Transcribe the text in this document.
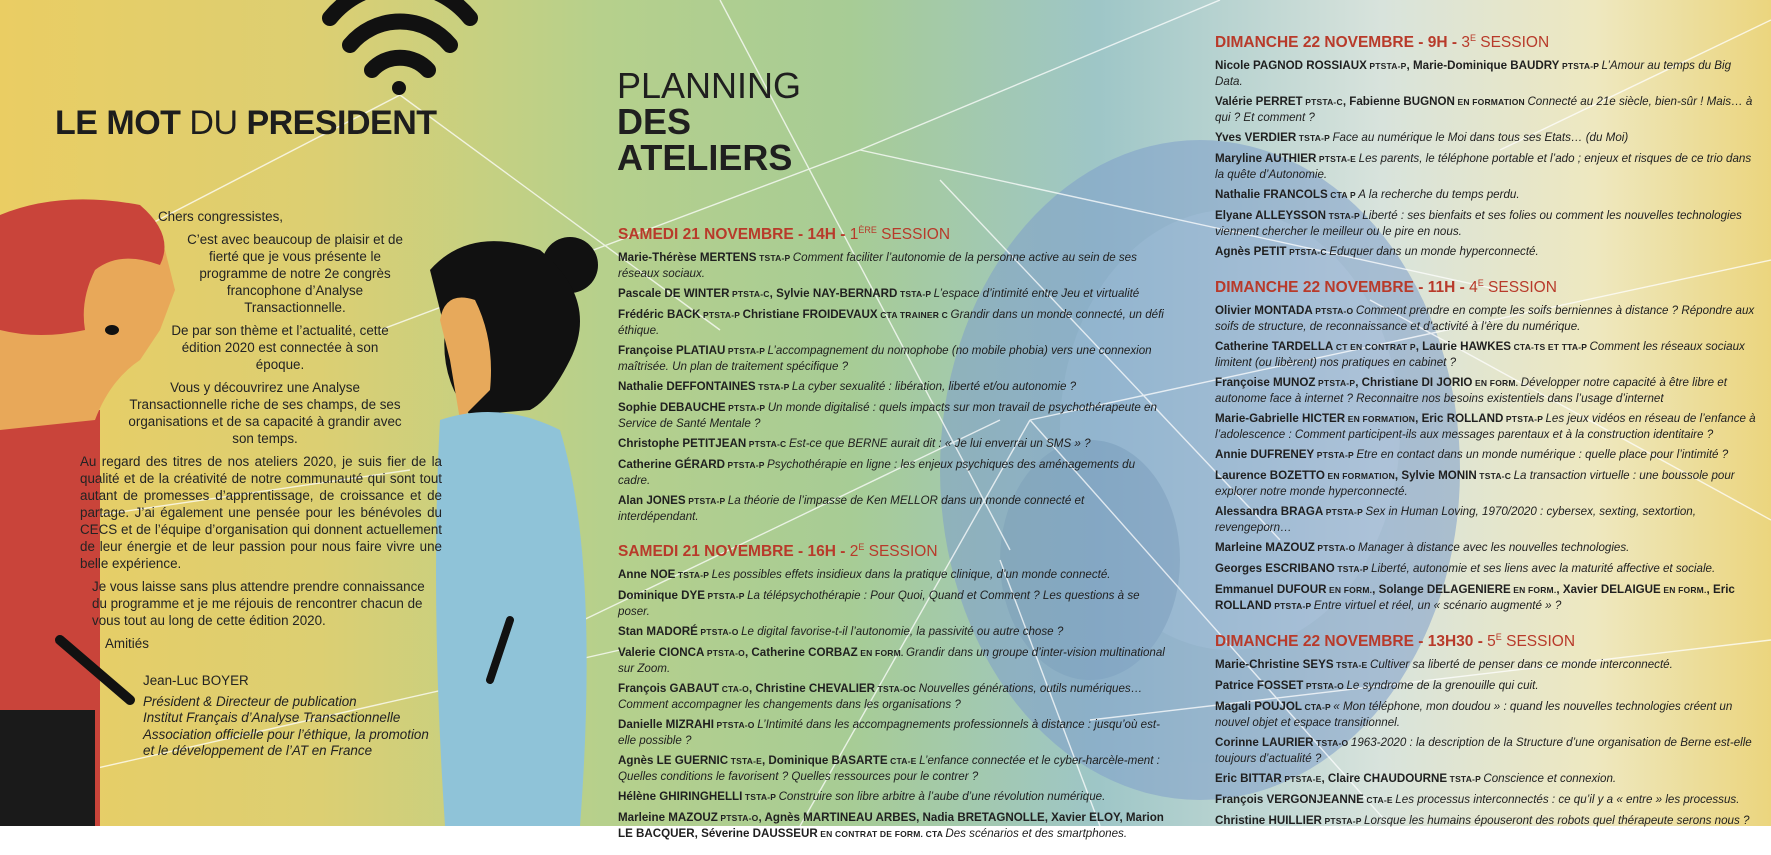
LE MOT DU PRESIDENT

Chers congressistes,

C’est avec beaucoup de plaisir et de fierté que je vous présente le programme de notre 2e congrès francophone d’Analyse Transactionnelle.

De par son thème et l’actualité, cette édition 2020 est connectée à son époque.

Vous y découvrirez une Analyse Transactionnelle riche de ses champs, de ses organisations et de sa capacité à grandir avec son temps.

Au regard des titres de nos ateliers 2020, je suis fier de la qualité et de la créativité de notre communauté qui sont tout autant de promesses d’apprentissage, de croissance et de partage. J’ai également une pensée pour les bénévoles du CECS et de l’équipe d’organisation qui donnent actuellement de leur énergie et de leur passion pour nous faire vivre une belle expérience.

Je vous laisse sans plus attendre prendre connaissance du programme et je me réjouis de rencontrer chacun de vous tout au long de cette édition 2020.

Amitiés

Jean-Luc BOYER

Président & Directeur de publication

Institut Français d’Analyse Transactionnelle

Association officielle pour l’éthique, la promotion

et le développement de l’AT en France

PLANNING
DES
ATELIERS
SAMEDI 21 NOVEMBRE - 14H - 1ÈRE SESSION
Marie-Thérèse MERTENS TSTA-P Comment faciliter l’autonomie de la personne active au sein de ses réseaux sociaux.
Pascale DE WINTER PTSTA-C, Sylvie NAY-BERNARD TSTA-P L’espace d’intimité entre Jeu et virtualité
Frédéric BACK PTSTA-P Christiane FROIDEVAUX CTA TRAINER C Grandir dans un monde connecté, un défi éthique.
Françoise PLATIAU PTSTA-P L’accompagnement du nomophobe (no mobile phobia) vers une connexion maîtrisée. Un plan de traitement spécifique ?
Nathalie DEFFONTAINES TSTA-P La cyber sexualité : libération, liberté et/ou autonomie ?
Sophie DEBAUCHE PTSTA-P Un monde digitalisé : quels impacts sur mon travail de psychothérapeute en Service de Santé Mentale ?
Christophe PETITJEAN PTSTA-C Est-ce que BERNE aurait dit : « Je lui enverrai un SMS » ?
Catherine GÉRARD PTSTA-P Psychothérapie en ligne : les enjeux psychiques des aménagements du cadre.
Alan JONES PTSTA-P La théorie de l’impasse de Ken MELLOR dans un monde connecté et interdépendant.
SAMEDI 21 NOVEMBRE - $16H - 2^E$ SESSION
Anne NOE TSTA-P Les possibles effets insidieux dans la pratique clinique, d’un monde connecté.
Dominique DYE PTSTA-P La télépsychothérapie : Pour Quoi, Quand et Comment ? Les questions à se poser.
Stan MADORÉ PTSTA-O Le digital favorise-t-il l’autonomie, la passivité ou autre chose ?
Valerie CIONCA PTSTA-O, Catherine CORBAZ EN FORM. Grandir dans un groupe d’inter-vision multinational sur Zoom.
François GABAUT CTA-O, Christine CHEVALIER TSTA-OC Nouvelles générations, outils numériques… Comment accompagner les changements dans les organisations ?
Danielle MIZRAHI PTSTA-O L’Intimité dans les accompagnements professionnels à distance : jusqu’où est-elle possible ?
Agnès LE GUERNIC TSTA-E, Dominique BASARTE CTA-E L’enfance connectée et le cyber-harcèle-ment : Quelles conditions le favorisent ? Quelles ressources pour le contrer ?
Hélène GHIRINGHELLI TSTA-P Construire son libre arbitre à l’aube d’une révolution numérique.
Marleine MAZOUZ PTSTA-O, Agnès MARTINEAU ARBES, Nadia BRETAGNOLLE, Xavier ELOY, Marion LE BACQUER, Séverine DAUSSEUR EN CONTRAT DE FORM. CTA Des scénarios et des smartphones.
DIMANCHE 22 NOVEMBRE - $9H - 3^E$ SESSION
Nicole PAGNOD ROSSIAUX PTSTA-P, Marie-Dominique BAUDRY PTSTA-P L’Amour au temps du Big Data.
Valérie PERRET PTSTA-C, Fabienne BUGNON EN FORMATION Connecté au 21e siècle, bien-sûr ! Mais… à qui ? Et comment ?
Yves VERDIER TSTA-P Face au numérique le Moi dans tous ses Etats… (du Moi)
Maryline AUTHIER PTSTA-E Les parents, le téléphone portable et l’ado ; enjeux et risques de ce trio dans la quête d’Autonomie.
Nathalie FRANCOLS CTA P A la recherche du temps perdu.
Elyane ALLEYSSON TSTA-P Liberté : ses bienfaits et ses folies ou comment les nouvelles technologies viennent chercher le meilleur ou le pire en nous.
Agnès PETIT PTSTA-C Eduquer dans un monde hyperconnecté.
DIMANCHE 22 NOVEMBRE - $11H - 4^E$ SESSION
Olivier MONTADA PTSTA-O Comment prendre en compte les soifs berniennes à distance ? Répondre aux soifs de structure, de reconnaissance et d’activité à l’ère du numérique.
Catherine TARDELLA CT EN CONTRAT P, Laurie HAWKES CTA-TS ET TTA-P Comment les réseaux sociaux limitent (ou libèrent) nos pratiques en cabinet ?
Françoise MUNOZ PTSTA-P, Christiane DI JORIO EN FORM. Développer notre capacité à être libre et autonome face à internet ? Reconnaitre nos besoins existentiels dans l’usage d’internet
Marie-Gabrielle HICTER EN FORMATION, Eric ROLLAND PTSTA-P Les jeux vidéos en réseau de l’enfance à l’adolescence : Comment participent-ils aux messages parentaux et à la construction identitaire ?
Annie DUFRENEY PTSTA-P Etre en contact dans un monde numérique : quelle place pour l’intimité ?
Laurence BOZETTO EN FORMATION, Sylvie MONIN TSTA-C La transaction virtuelle : une boussole pour explorer notre monde hyperconnecté.
Alessandra BRAGA PTSTA-P Sex in Human Loving, 1970/2020 : cybersex, sexting, sextortion, revengeporn…
Marleine MAZOUZ PTSTA-O Manager à distance avec les nouvelles technologies.
Georges ESCRIBANO TSTA-P Liberté, autonomie et ses liens avec la maturité affective et sociale.
Emmanuel DUFOUR EN FORM., Solange DELAGENIERE EN FORM., Xavier DELAIGUE EN FORM., Eric ROLLAND PTSTA-P Entre virtuel et réel, un « scénario augmenté » ?
DIMANCHE 22 NOVEMBRE - $13H30 - 5^E$ SESSION
Marie-Christine SEYS TSTA-E Cultiver sa liberté de penser dans ce monde interconnecté.
Patrice FOSSET PTSTA-O Le syndrome de la grenouille qui cuit.
Magali POUJOL CTA-P « Mon téléphone, mon doudou » : quand les nouvelles technologies créent un nouvel objet et espace transitionnel.
Corinne LAURIER TSTA-O 1963-2020 : la description de la Structure d’une organisation de Berne est-elle toujours d’actualité ?
Eric BITTAR PTSTA-E, Claire CHAUDOURNE TSTA-P Conscience et connexion.
François VERGONJEANNE CTA-E Les processus interconnectés : ce qu’il y a « entre » les processus.
Christine HUILLIER PTSTA-P Lorsque les humains épouseront des robots quel thérapeute serons nous ?
